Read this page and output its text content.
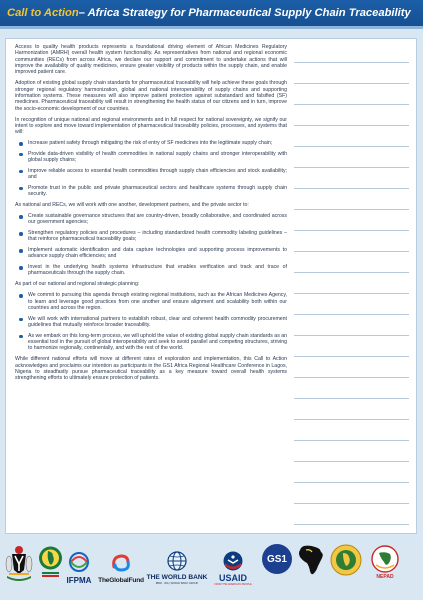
Call to Action – Africa Strategy for Pharmaceutical Supply Chain Traceability

Access to quality health products represents a foundational driving element of African Medicines Regulatory Harmonization (AMRH) overall health system functionality. As representatives from national and regional economic communities (RECs) from across Africa, we declare our support and commitment to undertake actions that will improve the availability of quality medicines, ensure greater visibility of products within the supply chain, and enable improved patient care.

Adoption of existing global supply chain standards for pharmaceutical traceability will help achieve these goals through stronger regional regulatory harmonization, global and national interoperability of supply chains and supporting information systems. These measures will also improve patient protection against substandard and falsified (SF) medicines. Pharmaceutical traceability will result in strengthening the health status of our citizens and in turn, improve the socio-economic development of our countries.

In recognition of unique national and regional environments and in full respect for national sovereignty, we signify our intent to explore and move toward implementation of pharmaceutical traceability policies, processes, and systems that will:

Increase patient safety through mitigating the risk of entry of SF medicines into the legitimate supply chain;
Provide data-driven visibility of health commodities in national supply chains and stronger interoperability with global supply chains;
Improve reliable access to essential health commodities through supply chain efficiencies and stock availability; and
Promote trust in the public and private pharmaceutical sectors and healthcare systems through supply chain security.

As national and RECs, we will work with one another, development partners, and the private sector to:

Create sustainable governance structures that are country-driven, broadly collaborative, and coordinated across our government agencies;
Strengthen regulatory policies and procedures – including standardized health commodity labeling guidelines – that reinforce pharmaceutical traceability goals;
Implement automatic identification and data capture technologies and supporting process improvements to advance supply chain efficiencies; and
Invest in the underlying health systems infrastructure that enables verification and track and trace of pharmaceuticals through the supply chain.

As part of our national and regional strategic planning:

We commit to pursuing this agenda through existing regional institutions, such as the African Medicines Agency, to learn and leverage good practices from one another and ensure alignment and scalability both within our countries and across the region.
We will work with international partners to establish robust, clear and coherent health commodity procurement guidelines that mutually reinforce broader traceability.
As we embark on this long-term process, we will uphold the value of existing global supply chain standards as an essential tool in the pursuit of global interoperability and seek to avoid parallel and competing structures, striving to harmonize regionally, continentally, and with the rest of the world.

While different national efforts will move at different rates of exploration and implementation, this Call to Action acknowledges and proclaims our intention as participants in the GS1 Africa Regional Healthcare Conference in Lagos, Nigeria to steadfastly pursue pharmaceutical traceability as a key measure toward overall health systems strengthening efforts to ultimately ensure protection of patients.

IFPMA TheGlobalFund THE WORLD BANK
IBRD · IDA | WORLD BANK GROUP
USAID
FROM THE AMERICAN PEOPLE
GS1
NEPAD
